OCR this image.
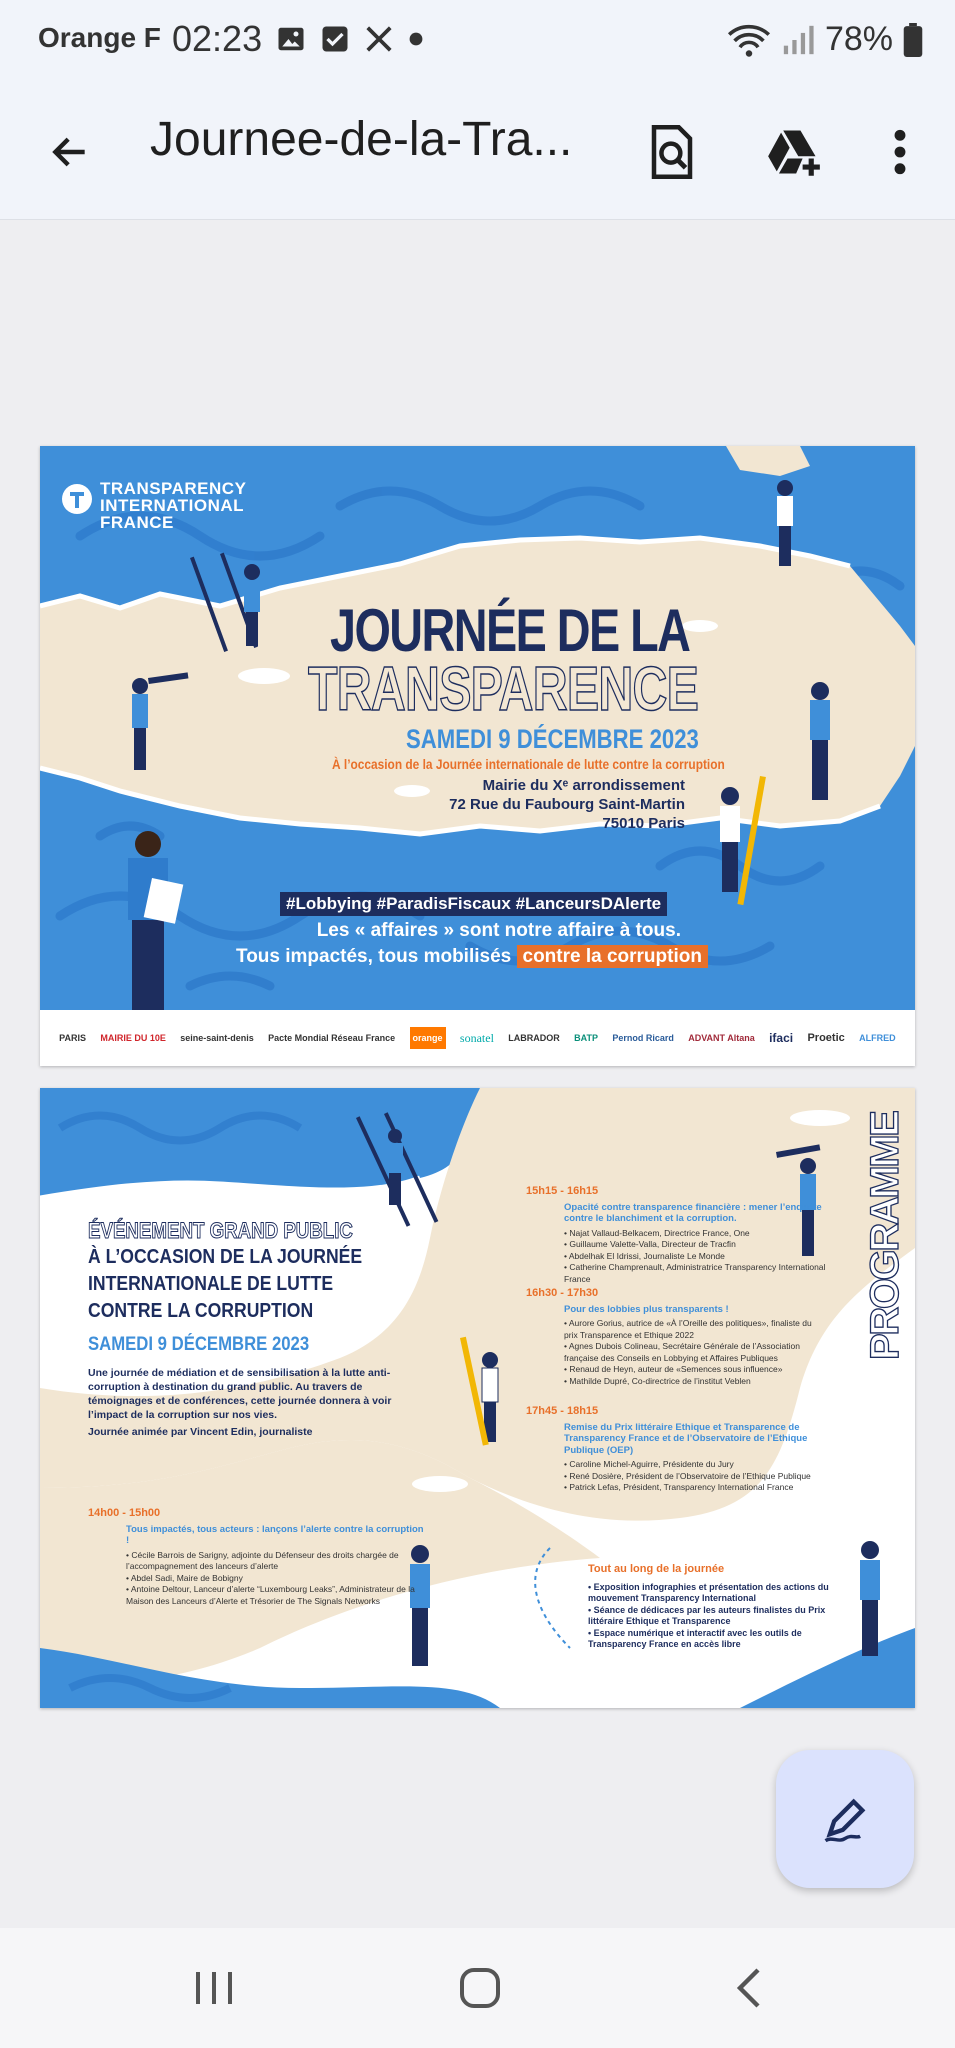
Orange F 02:23	78%
Journee-de-la-Tra...
TRANSPARENCY
INTERNATIONAL
FRANCE
JOURNÉE DE LA
TRANSPARENCE
SAMEDI 9 DÉCEMBRE 2023
À l’occasion de la Journée internationale de lutte contre la corruption
Mairie du Xᵉ arrondissement
72 Rue du Faubourg Saint-Martin
75010 Paris
#Lobbying #ParadisFiscaux #LanceursDAlerte
Les « affaires » sont notre affaire à tous.
Tous impactés, tous mobilisés contre la corruption
PARIS MAIRIE DU 10E seine-saint-denis Pacte Mondial Réseau France	orange sonatel LABRADOR BATP Pernod Ricard ADVANT Altana ifaci Proetic ALFRED
ÉVÉNEMENT GRAND PUBLIC
À L’OCCASION DE LA JOURNÉE INTERNATIONALE DE LUTTE CONTRE LA CORRUPTION
SAMEDI 9 DÉCEMBRE 2023
Une journée de médiation et de sensibilisation à la lutte anti-corruption à destination du grand public. Au travers de témoignages et de conférences, cette journée donnera à voir l’impact de la corruption sur nos vies.
Journée animée par Vincent Edin, journaliste
PROGRAMME
14h00 - 15h00
Tous impactés, tous acteurs : lançons l’alerte contre la corruption !
• Cécile Barrois de Sarigny, adjointe du Défenseur des droits chargée de l’accompagnement des lanceurs d’alerte
• Abdel Sadi, Maire de Bobigny
• Antoine Deltour, Lanceur d’alerte “Luxembourg Leaks”, Administrateur de la Maison des Lanceurs d’Alerte et Trésorier de The Signals Networks
15h15 - 16h15
Opacité contre transparence financière : mener l’enquête contre le blanchiment et la corruption.
• Najat Vallaud-Belkacem, Directrice France, One
• Guillaume Valette-Valla, Directeur de Tracfin
• Abdelhak El Idrissi, Journaliste Le Monde
• Catherine Champrenault, Administratrice Transparency International France
16h30 - 17h30
Pour des lobbies plus transparents !
• Aurore Gorius, autrice de «À l’Oreille des politiques», finaliste du prix Transparence et Ethique 2022
• Agnes Dubois Colineau, Secrétaire Générale de l’Association française des Conseils en Lobbying et Affaires Publiques
• Renaud de Heyn, auteur de «Semences sous influence»
• Mathilde Dupré, Co-directrice de l’institut Veblen
17h45 - 18h15
Remise du Prix littéraire Ethique et Transparence de Transparency France et de l’Observatoire de l’Ethique Publique (OEP)
• Caroline Michel-Aguirre, Présidente du Jury
• René Dosière, Président de l’Observatoire de l’Ethique Publique
• Patrick Lefas, Président, Transparency International France
Tout au long de la journée
• Exposition infographies et présentation des actions du mouvement Transparency International
• Séance de dédicaces par les auteurs finalistes du Prix littéraire Ethique et Transparence
• Espace numérique et interactif avec les outils de Transparency France en accès libre
